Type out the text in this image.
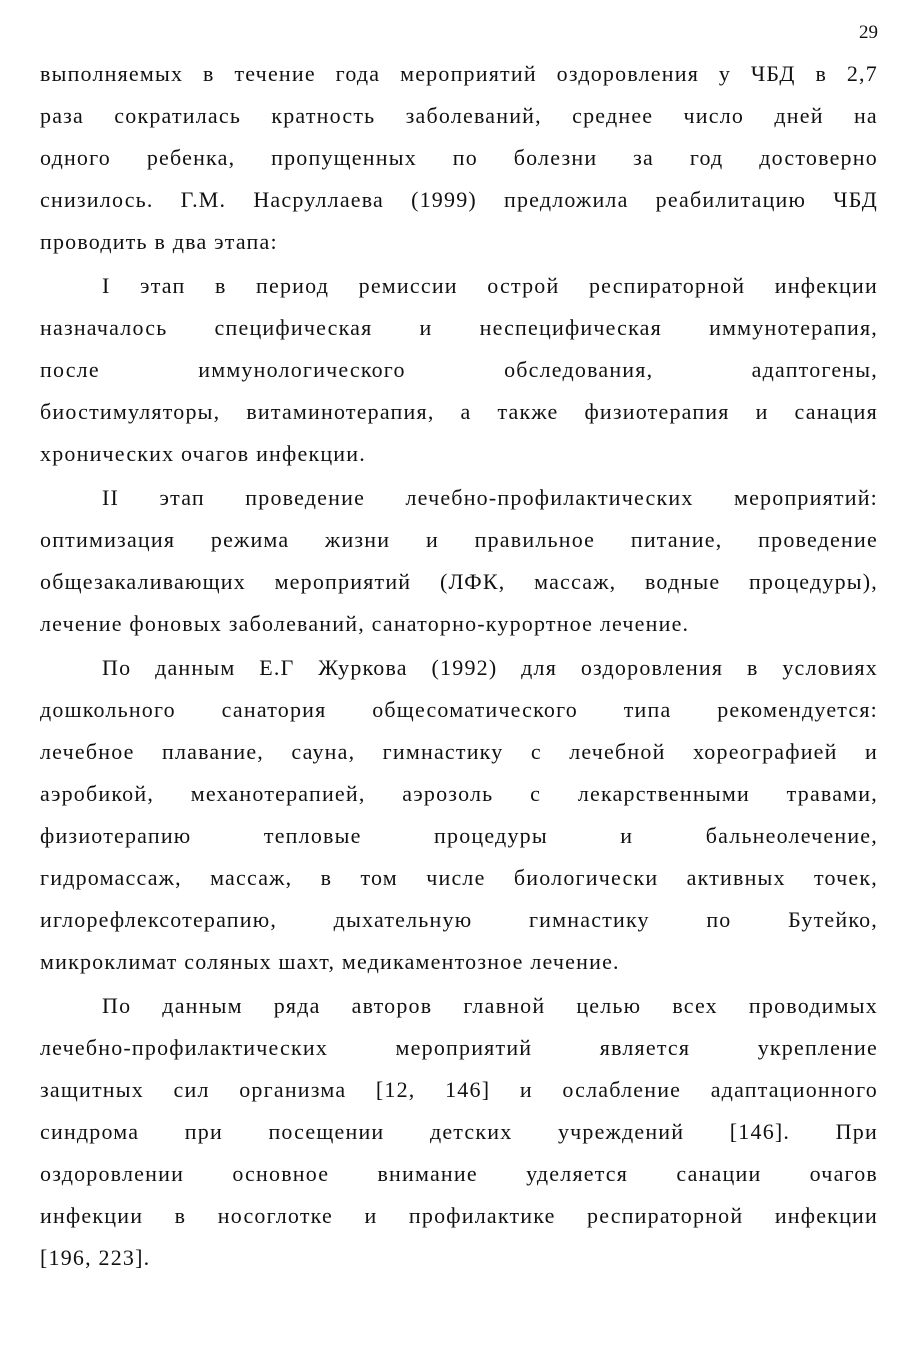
29
выполняемых в течение года мероприятий оздоровления у ЧБД в 2,7
раза сократилась кратность заболеваний, среднее число дней на
одного ребенка, пропущенных по болезни за год достоверно
снизилось. Г.М. Насруллаева (1999) предложила реабилитацию ЧБД
проводить в два этапа:
I этап в период ремиссии острой респираторной инфекции
назначалось специфическая и неспецифическая иммунотерапия,
после	иммунологического	обследования,	адаптогены,
биостимуляторы, витаминотерапия, а также физиотерапия и санация
хронических очагов инфекции.
II этап проведение лечебно-профилактических мероприятий:
оптимизация режима жизни и правильное питание, проведение
общезакаливающих мероприятий (ЛФК, массаж, водные процедуры),
лечение фоновых заболеваний, санаторно-курортное лечение.
По данным Е.Г Журкова (1992) для оздоровления в условиях
дошкольного санатория общесоматического типа рекомендуется:
лечебное плавание, сауна, гимнастику с лечебной хореографией и
аэробикой, механотерапией, аэрозоль с лекарственными травами,
физиотерапию	тепловые	процедуры	и	бальнеолечение,
гидромассаж, массаж, в том числе биологически активных точек,
иглорефлексотерапию,	дыхательную	гимнастику	по	Бутейко,
микроклимат соляных шахт, медикаментозное лечение.
По данным ряда авторов главной целью всех проводимых
лечебно-профилактических	мероприятий	является	укрепление
защитных сил организма [12, 146] и ослабление адаптационного
синдрома при посещении детских учреждений [146]. При
оздоровлении основное внимание уделяется санации очагов
инфекции в носоглотке и профилактике респираторной инфекции
[196, 223].
